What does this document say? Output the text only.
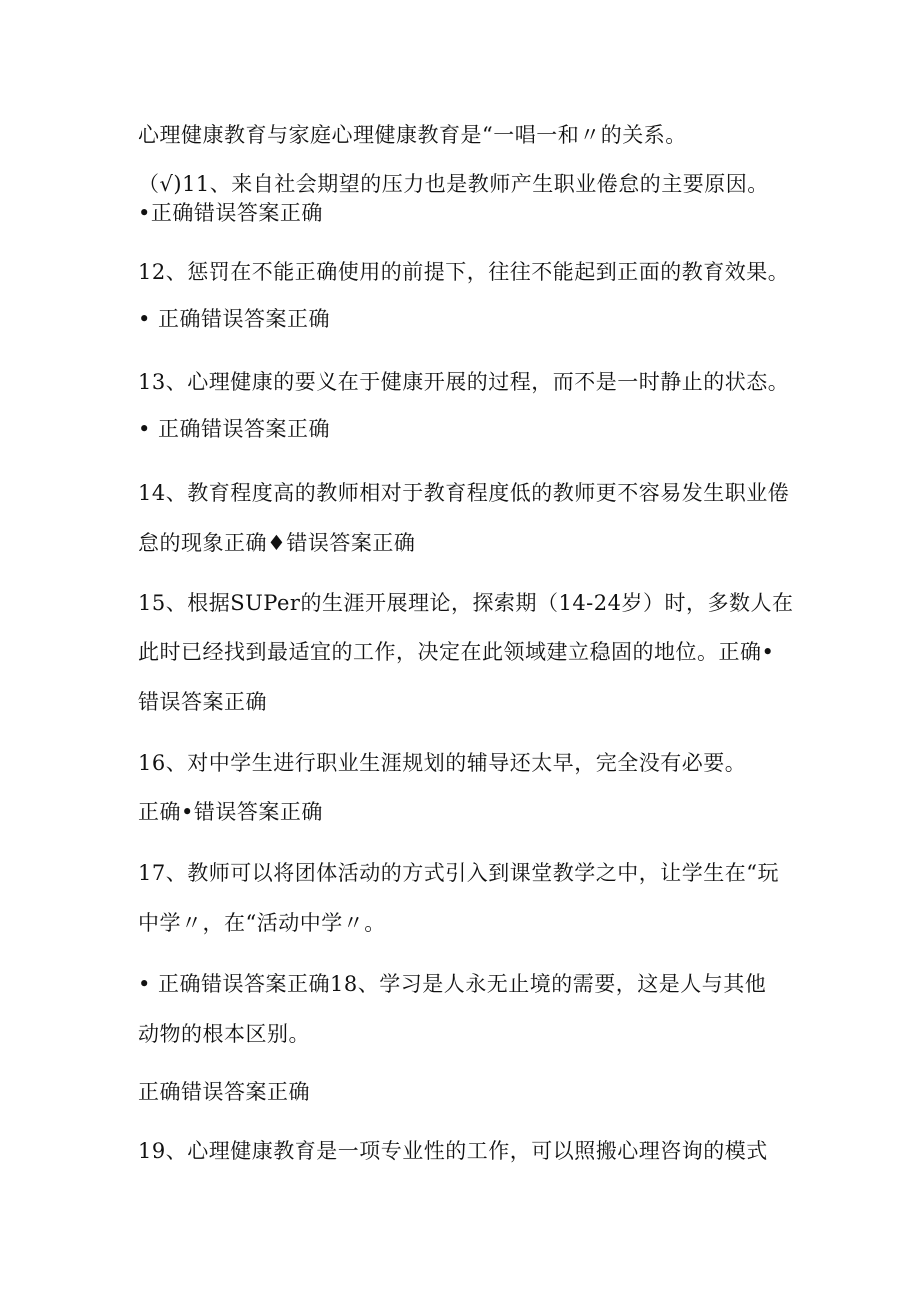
心理健康教育与家庭心理健康教育是“一唱一和〃的关系。
（√)11、来自社会期望的压力也是教师产生职业倦怠的主要原因。
•正确错误答案正确
12、惩罚在不能正确使用的前提下，往往不能起到正面的教育效果。
• 正确错误答案正确
13、心理健康的要义在于健康开展的过程，而不是一时静止的状态。
• 正确错误答案正确
14、教育程度高的教师相对于教育程度低的教师更不容易发生职业倦
怠的现象正确♦错误答案正确
15、根据SUPer的生涯开展理论，探索期（14-24岁）时，多数人在
此时已经找到最适宜的工作，决定在此领域建立稳固的地位。正确•
错误答案正确
16、对中学生进行职业生涯规划的辅导还太早，完全没有必要。
正确•错误答案正确
17、教师可以将团体活动的方式引入到课堂教学之中，让学生在“玩
中学〃，在“活动中学〃。
• 正确错误答案正确18、学习是人永无止境的需要，这是人与其他
动物的根本区别。
正确错误答案正确
19、心理健康教育是一项专业性的工作，可以照搬心理咨询的模式
